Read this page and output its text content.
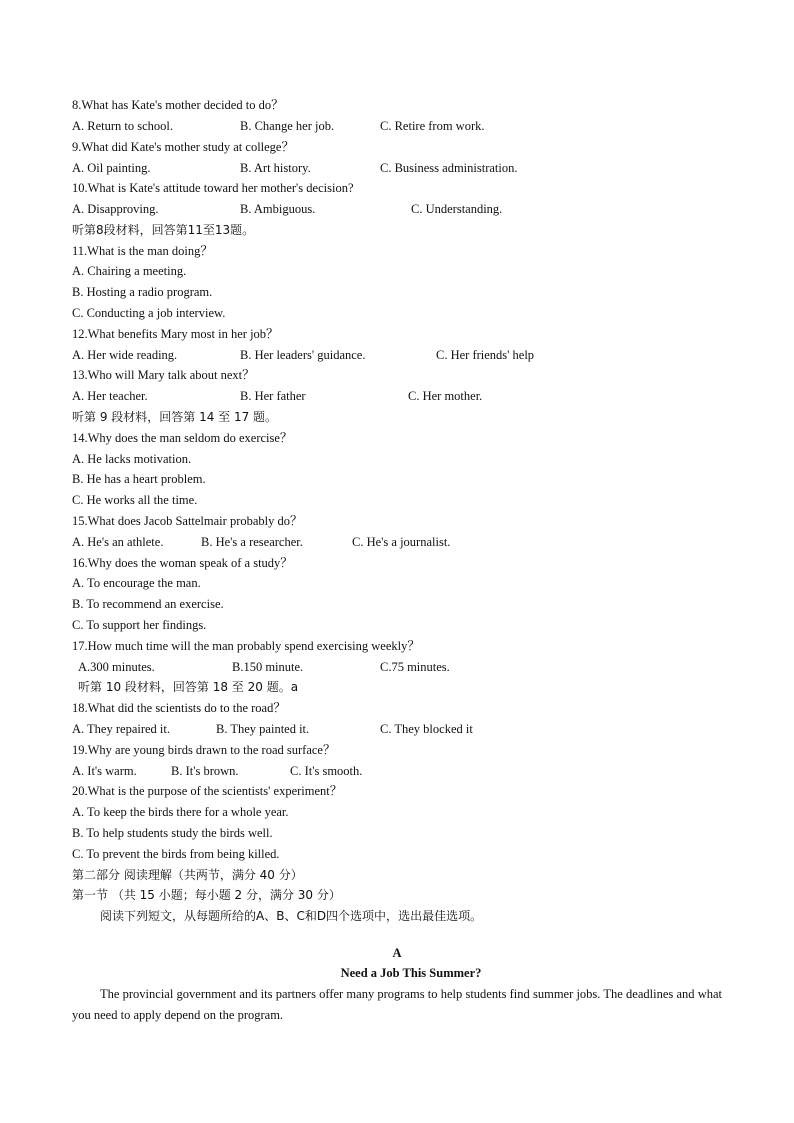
8.What has Kate's mother decided to do？
A. Return to school.	B. Change her job.	C. Retire from work.
9.What did Kate's mother study at college？
A. Oil painting.	B. Art history.	C. Business administration.
10.What is Kate's attitude toward her mother's decision?
A. Disapproving.	B. Ambiguous.	C. Understanding.
听第8段材料，回答第11至13题。
11.What is the man doing？
A. Chairing a meeting.
B. Hosting a radio program.
C. Conducting a job interview.
12.What benefits Mary most in her job？
A. Her wide reading.	B. Her leaders' guidance.	C. Her friends' help
13.Who will Mary talk about next？
A. Her teacher.	B. Her father	C. Her mother.
听第 9 段材料，回答第 14 至 17 题。
14.Why does the man seldom do exercise？
A. He lacks motivation.
B. He has a heart problem.
C. He works all the time.
15.What does Jacob Sattelmair probably do？
A. He's an athlete.	B. He's a researcher.	C. He's a journalist.
16.Why does the woman speak of a study？
A. To encourage the man.
B. To recommend an exercise.
C. To support her findings.
17.How much time will the man probably spend exercising weekly？
A.300 minutes.	B.150 minute.	C.75 minutes.
听第 10 段材料，回答第 18 至 20 题。a
18.What did the scientists do to the road？
A. They repaired it.	B. They painted it.	C. They blocked it
19.Why are young birds drawn to the road surface？
A. It's warm.	B. It's brown.	C. It's smooth.
20.What is the purpose of the scientists' experiment？
A. To keep the birds there for a whole year.
B. To help students study the birds well.
C. To prevent the birds from being killed.
第二部分 阅读理解（共两节，满分 40 分）
第一节 （共 15 小题；每小题 2 分，满分 30 分）
阅读下列短文，从每题所给的A、B、C和D四个选项中，选出最佳选项。
A
Need a Job This Summer?
The provincial government and its partners offer many programs to help students find summer jobs. The deadlines and what you need to apply depend on the program.
